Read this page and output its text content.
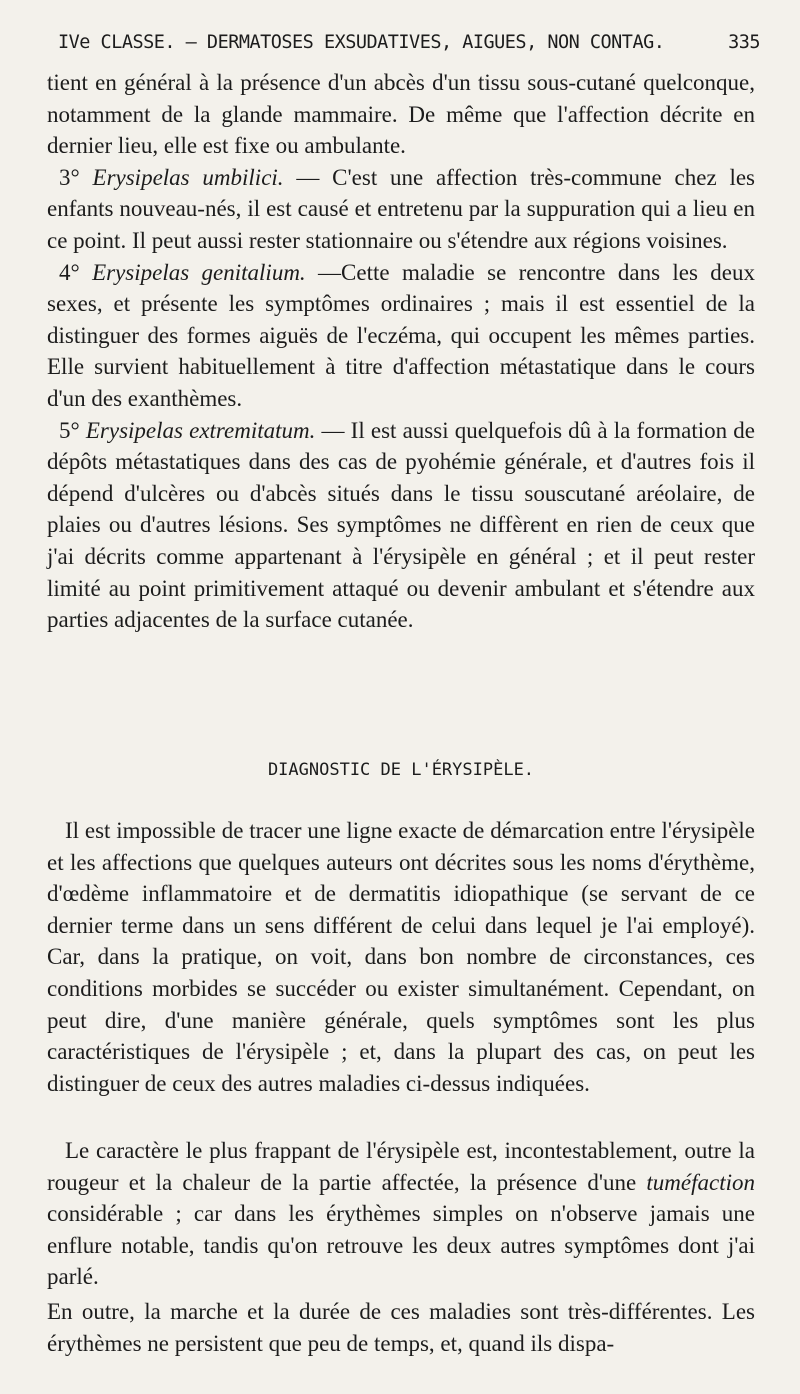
IVe CLASSE. — DERMATOSES EXSUDATIVES, AIGUES, NON CONTAG.	335

tient en général à la présence d'un abcès d'un tissu sous-cutané quelconque, notamment de la glande mammaire. De même que l'affection décrite en dernier lieu, elle est fixe ou ambulante.

3° Erysipelas umbilici. — C'est une affection très-commune chez les enfants nouveau-nés, il est causé et entretenu par la suppuration qui a lieu en ce point. Il peut aussi rester stationnaire ou s'étendre aux régions voisines.

4° Erysipelas genitalium. —Cette maladie se rencontre dans les deux sexes, et présente les symptômes ordinaires ; mais il est essentiel de la distinguer des formes aiguës de l'eczéma, qui occupent les mêmes parties. Elle survient habituellement à titre d'affection métastatique dans le cours d'un des exanthèmes.

5° Erysipelas extremitatum. — Il est aussi quelquefois dû à la formation de dépôts métastatiques dans des cas de pyohémie générale, et d'autres fois il dépend d'ulcères ou d'abcès situés dans le tissu souscutané aréolaire, de plaies ou d'autres lésions. Ses symptômes ne diffèrent en rien de ceux que j'ai décrits comme appartenant à l'érysipèle en général ; et il peut rester limité au point primitivement attaqué ou devenir ambulant et s'étendre aux parties adjacentes de la surface cutanée.

DIAGNOSTIC DE L'ÉRYSIPÈLE.

Il est impossible de tracer une ligne exacte de démarcation entre l'érysipèle et les affections que quelques auteurs ont décrites sous les noms d'érythème, d'œdème inflammatoire et de dermatitis idiopathique (se servant de ce dernier terme dans un sens différent de celui dans lequel je l'ai employé). Car, dans la pratique, on voit, dans bon nombre de circonstances, ces conditions morbides se succéder ou exister simultanément. Cependant, on peut dire, d'une manière générale, quels symptômes sont les plus caractéristiques de l'érysipèle ; et, dans la plupart des cas, on peut les distinguer de ceux des autres maladies ci-dessus indiquées.

Le caractère le plus frappant de l'érysipèle est, incontestablement, outre la rougeur et la chaleur de la partie affectée, la présence d'une tuméfaction considérable ; car dans les érythèmes simples on n'observe jamais une enflure notable, tandis qu'on retrouve les deux autres symptômes dont j'ai parlé.

En outre, la marche et la durée de ces maladies sont très-différentes. Les érythèmes ne persistent que peu de temps, et, quand ils dispa-
